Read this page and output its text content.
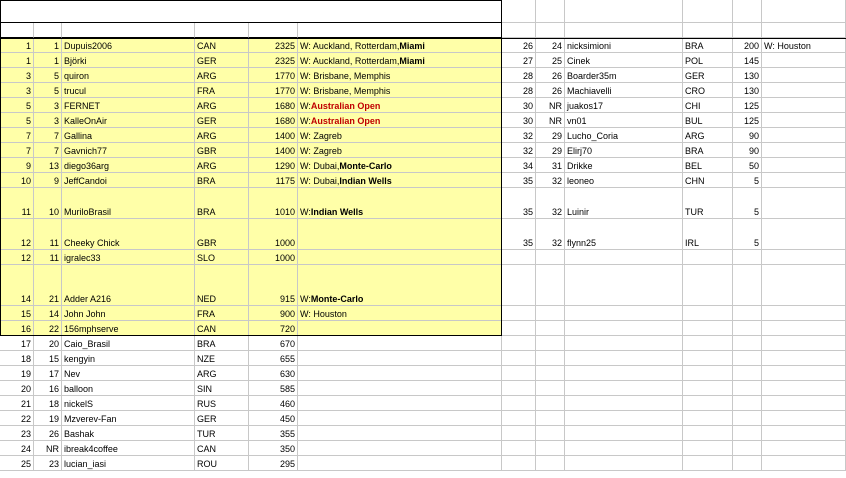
1	1 Dupuis2006	CAN	2325 W: Auckland, Rotterdam, Miami
1	1 Björki	GER	2325 W: Auckland, Rotterdam, Miami
3	5 quiron	ARG	1770 W: Brisbane, Memphis
3	5 trucul	FRA	1770 W: Brisbane, Memphis
5	3 FERNET	ARG	1680 W: Australian Open
5	3 KalleOnAir	GER	1680 W: Australian Open
7	7 Gallina	ARG	1400 W: Zagreb
7	7 Gavnich77	GBR	1400 W: Zagreb
9	13 diego36arg	ARG	1290 W: Dubai, Monte-Carlo
10	9 JeffCandoi	BRA	1175 W: Dubai, Indian Wells
11	10 MuriloBrasil	BRA	1010 W: Indian Wells
12	11 Cheeky Chick	GBR	1000
12	11 igralec33	SLO	1000
14	21 Adder A216	NED	915 W: Monte-Carlo
15	14 John John	FRA	900 W: Houston
16	22 156mphserve	CAN	720
17	20 Caio_Brasil	BRA	670
18	15 kengyin	NZE	655
19	17 Nev	ARG	630
20	16 balloon	SIN	585
21	18 nickelS	RUS	460
22	19 Mzverev-Fan	GER	450
23	26 Bashak	TUR	355
24	NR ibreak4coffee	CAN	350
25	23 lucian_iasi	ROU	295
26	24 nicksimioni	BRA	200 W: Houston
27	25 Cinek	POL	145
28	26 Boarder35m	GER	130
28	26 Machiavelli	CRO	130
30	NR juakos17	CHI	125
30	NR vn01	BUL	125
32	29 Lucho_Coria	ARG	90
32	29 Elirj70	BRA	90
34	31 Drikke	BEL	50
35	32 leoneo	CHN	5
35	32 Luinir	TUR	5
35	32 flynn25	IRL	5
